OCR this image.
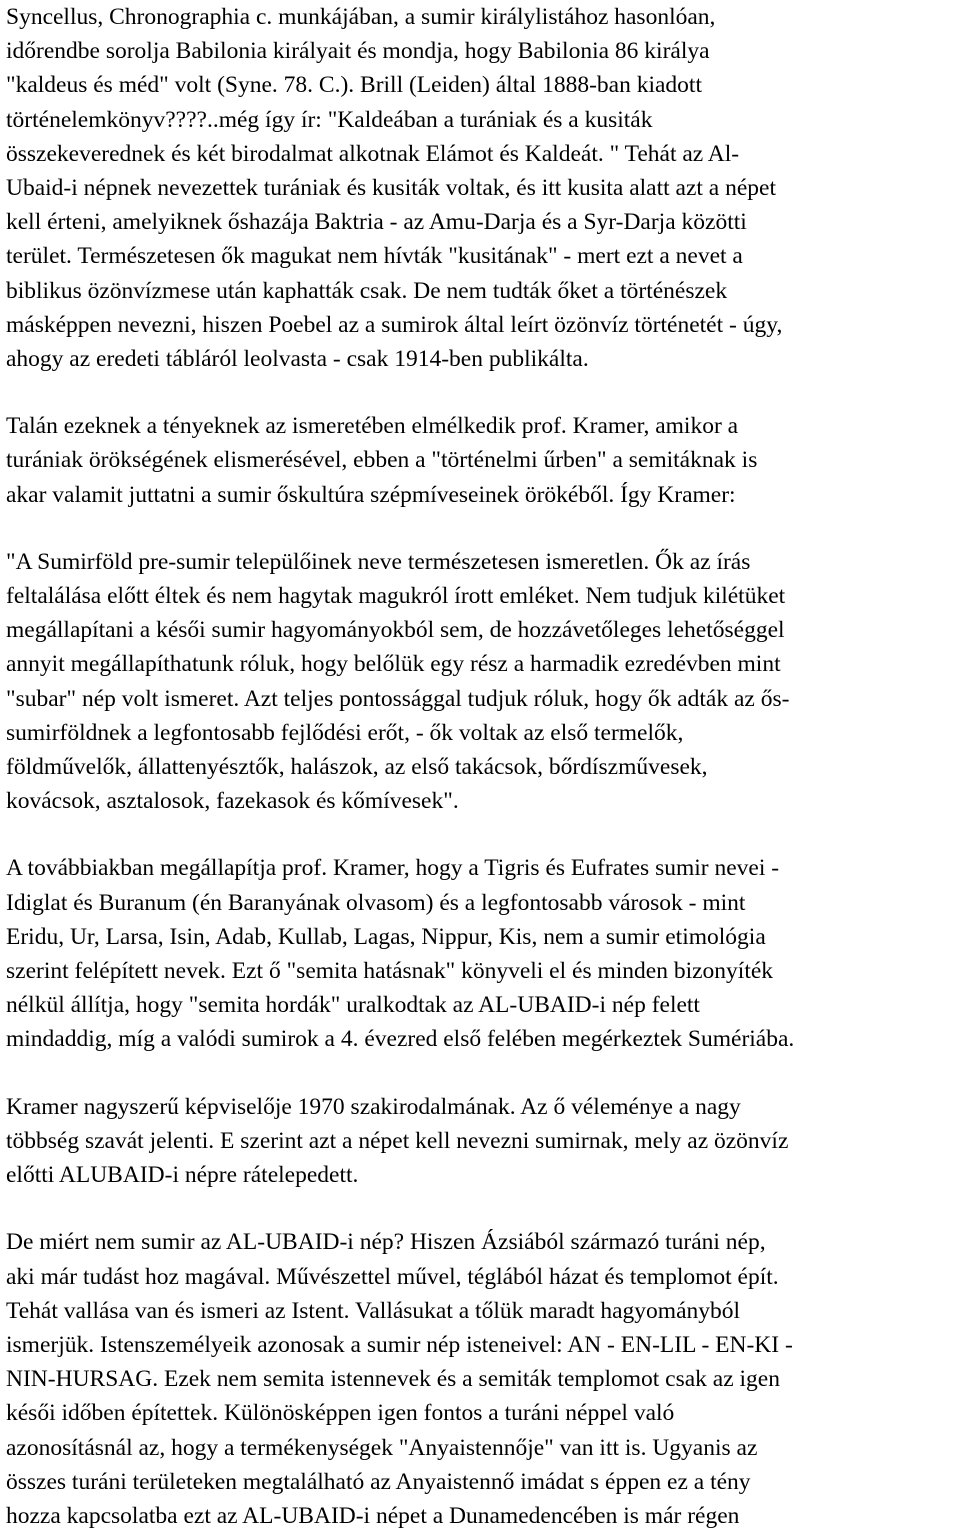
Syncellus, Chronographia c. munkájában, a sumir királylistához hasonlóan,
időrendbe sorolja Babilonia királyait és mondja, hogy Babilonia 86 királya
"kaldeus és méd" volt (Syne. 78. C.). Brill (Leiden) által 1888-ban kiadott
történelemkönyv????..még így ír: "Kaldeában a turániak és a kusiták
összekeverednek és két birodalmat alkotnak Elámot és Kaldeát. " Tehát az Al-
Ubaid-i népnek nevezettek turániak és kusiták voltak, és itt kusita alatt azt a népet
kell érteni, amelyiknek őshazája Baktria - az Amu-Darja és a Syr-Darja közötti
terület. Természetesen ők magukat nem hívták "kusitának" - mert ezt a nevet a
biblikus özönvízmese után kaphatták csak. De nem tudták őket a történészek
másképpen nevezni, hiszen Poebel az a sumirok által leírt özönvíz történetét - úgy,
ahogy az eredeti tábláról leolvasta - csak 1914-ben publikálta.

Talán ezeknek a tényeknek az ismeretében elmélkedik prof. Kramer, amikor a
turániak örökségének elismerésével, ebben a "történelmi űrben" a semitáknak is
akar valamit juttatni a sumir őskultúra szépmíveseinek örökéből. Így Kramer:

"A Sumirföld pre-sumir települőinek neve természetesen ismeretlen. Ők az írás
feltalálása előtt éltek és nem hagytak magukról írott emléket. Nem tudjuk kilétüket
megállapítani a késői sumir hagyományokból sem, de hozzávetőleges lehetőséggel
annyit megállapíthatunk róluk, hogy belőlük egy rész a harmadik ezredévben mint
"subar" nép volt ismeret. Azt teljes pontossággal tudjuk róluk, hogy ők adták az ős-
sumirföldnek a legfontosabb fejlődési erőt, - ők voltak az első termelők,
földművelők, állattenyésztők, halászok, az első takácsok, bőrdíszművesek,
kovácsok, asztalosok, fazekasok és kőmívesek".

A továbbiakban megállapítja prof. Kramer, hogy a Tigris és Eufrates sumir nevei -
Idiglat és Buranum (én Baranyának olvasom) és a legfontosabb városok - mint
Eridu, Ur, Larsa, Isin, Adab, Kullab, Lagas, Nippur, Kis, nem a sumir etimológia
szerint felépített nevek. Ezt ő "semita hatásnak" könyveli el és minden bizonyíték
nélkül állítja, hogy "semita hordák" uralkodtak az AL-UBAID-i nép felett
mindaddig, míg a valódi sumirok a 4. évezred első felében megérkeztek Sumériába.

Kramer nagyszerű képviselője 1970 szakirodalmának. Az ő véleménye a nagy
többség szavát jelenti. E szerint azt a népet kell nevezni sumirnak, mely az özönvíz
előtti ALUBAID-i népre rátelepedett.

De miért nem sumir az AL-UBAID-i nép? Hiszen Ázsiából származó turáni nép,
aki már tudást hoz magával. Művészettel művel, téglából házat és templomot épít.
Tehát vallása van és ismeri az Istent. Vallásukat a tőlük maradt hagyományból
ismerjük. Istenszemélyeik azonosak a sumir nép isteneivel: AN - EN-LIL - EN-KI -
NIN-HURSAG. Ezek nem semita istennevek és a semiták templomot csak az igen
késői időben építettek. Különösképpen igen fontos a turáni néppel való
azonosításnál az, hogy a termékenységek "Anyaistennője" van itt is. Ugyanis az
összes turáni területeken megtalálható az Anyaistennő imádat s éppen ez a tény
hozza kapcsolatba ezt az AL-UBAID-i népet a Dunamedencében is már régen
